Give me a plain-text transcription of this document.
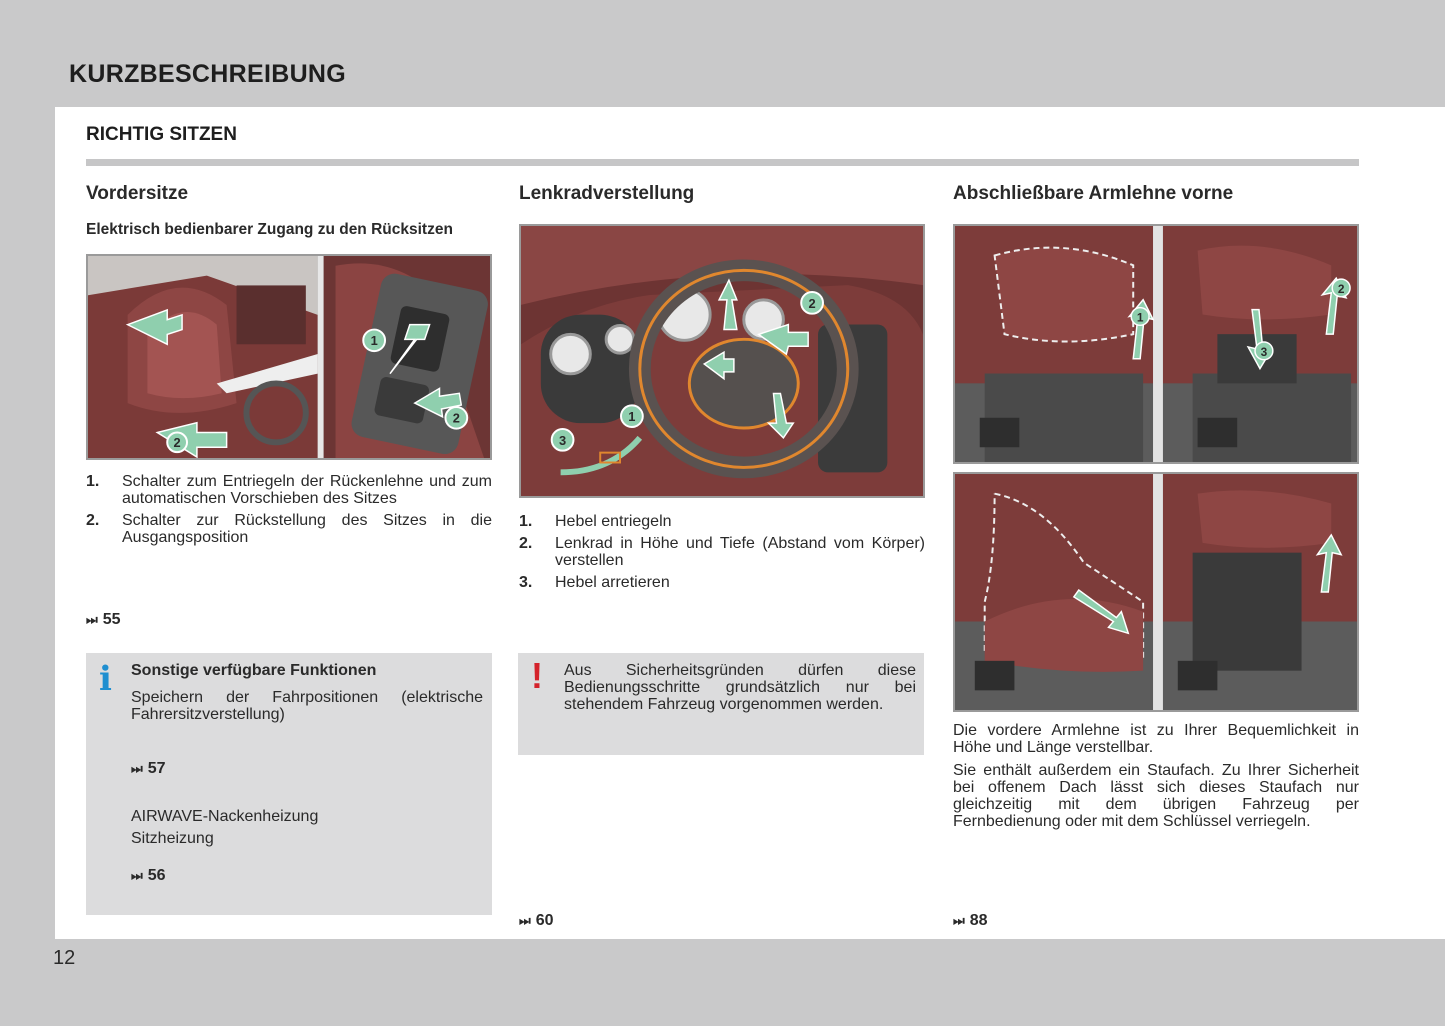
KURZBESCHREIBUNG
RICHTIG SITZEN
Vordersitze
Elektrisch bedienbarer Zugang zu den Rücksitzen
1
2
2
1. Schalter zum Entriegeln der Rückenlehne und zum automatischen Vorschieben des Sitzes
2. Schalter zur Rückstellung des Sitzes in die Ausgangsposition
⏭ 55
i Sonstige verfügbare Funktionen
Speichern der Fahrpositionen (elektrische Fahrersitzverstellung)
⏭ 57
AIRWAVE-Nackenheizung
Sitzheizung
⏭ 56
Lenkradverstellung
1
2
3
1. Hebel entriegeln
2. Lenkrad in Höhe und Tiefe (Abstand vom Körper) verstellen
3. Hebel arretieren
! Aus Sicherheitsgründen dürfen diese Bedienungsschritte grundsätzlich nur bei stehendem Fahrzeug vorgenommen werden.
⏭ 60
Abschließbare Armlehne vorne
1
2
3
Die vordere Armlehne ist zu Ihrer Bequemlichkeit in Höhe und Länge verstellbar.
Sie enthält außerdem ein Staufach. Zu Ihrer Sicherheit bei offenem Dach lässt sich dieses Staufach nur gleichzeitig mit dem übrigen Fahrzeug per Fernbedienung oder mit dem Schlüssel verriegeln.
⏭ 88
12
